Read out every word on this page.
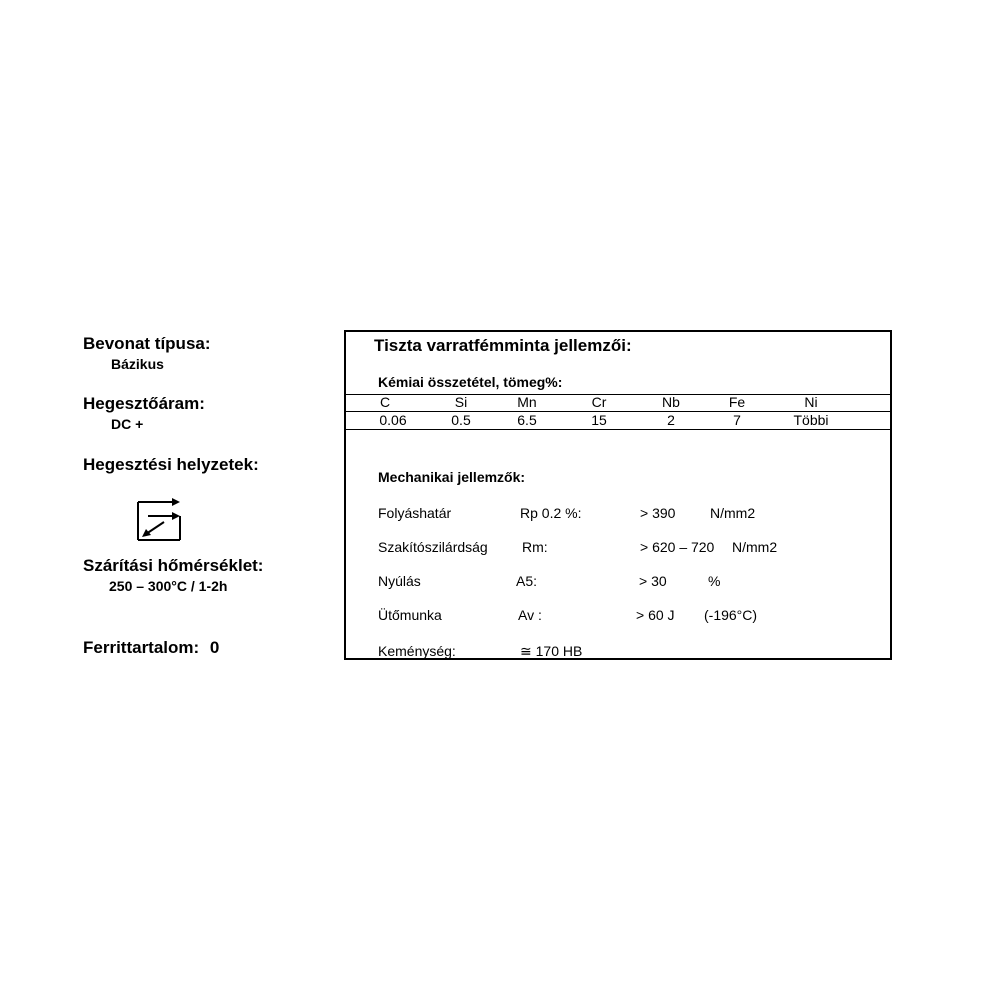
Bevonat típusa:
Bázikus
Hegesztőáram:
DC +
Hegesztési helyzetek:
Szárítási hőmérséklet:
250 – 300°C / 1-2h
Ferrittartalom: 0
Tiszta varratfémminta jellemzői:
Kémiai összetétel, tömeg%:
C	Si	Mn	Cr	Nb	Fe	Ni
0.06	0.5	6.5	15	2	7	Többi
Mechanikai jellemzők:
Folyáshatár	Rp 0.2 %:	> 390 N/mm2
Szakítószilárdság Rm:	> 620 – 720 N/mm2
Nyúlás	A5:	> 30	%
Ütőmunka	Av :	> 60 J (-196°C)
Keménység:	≅ 170 HB
